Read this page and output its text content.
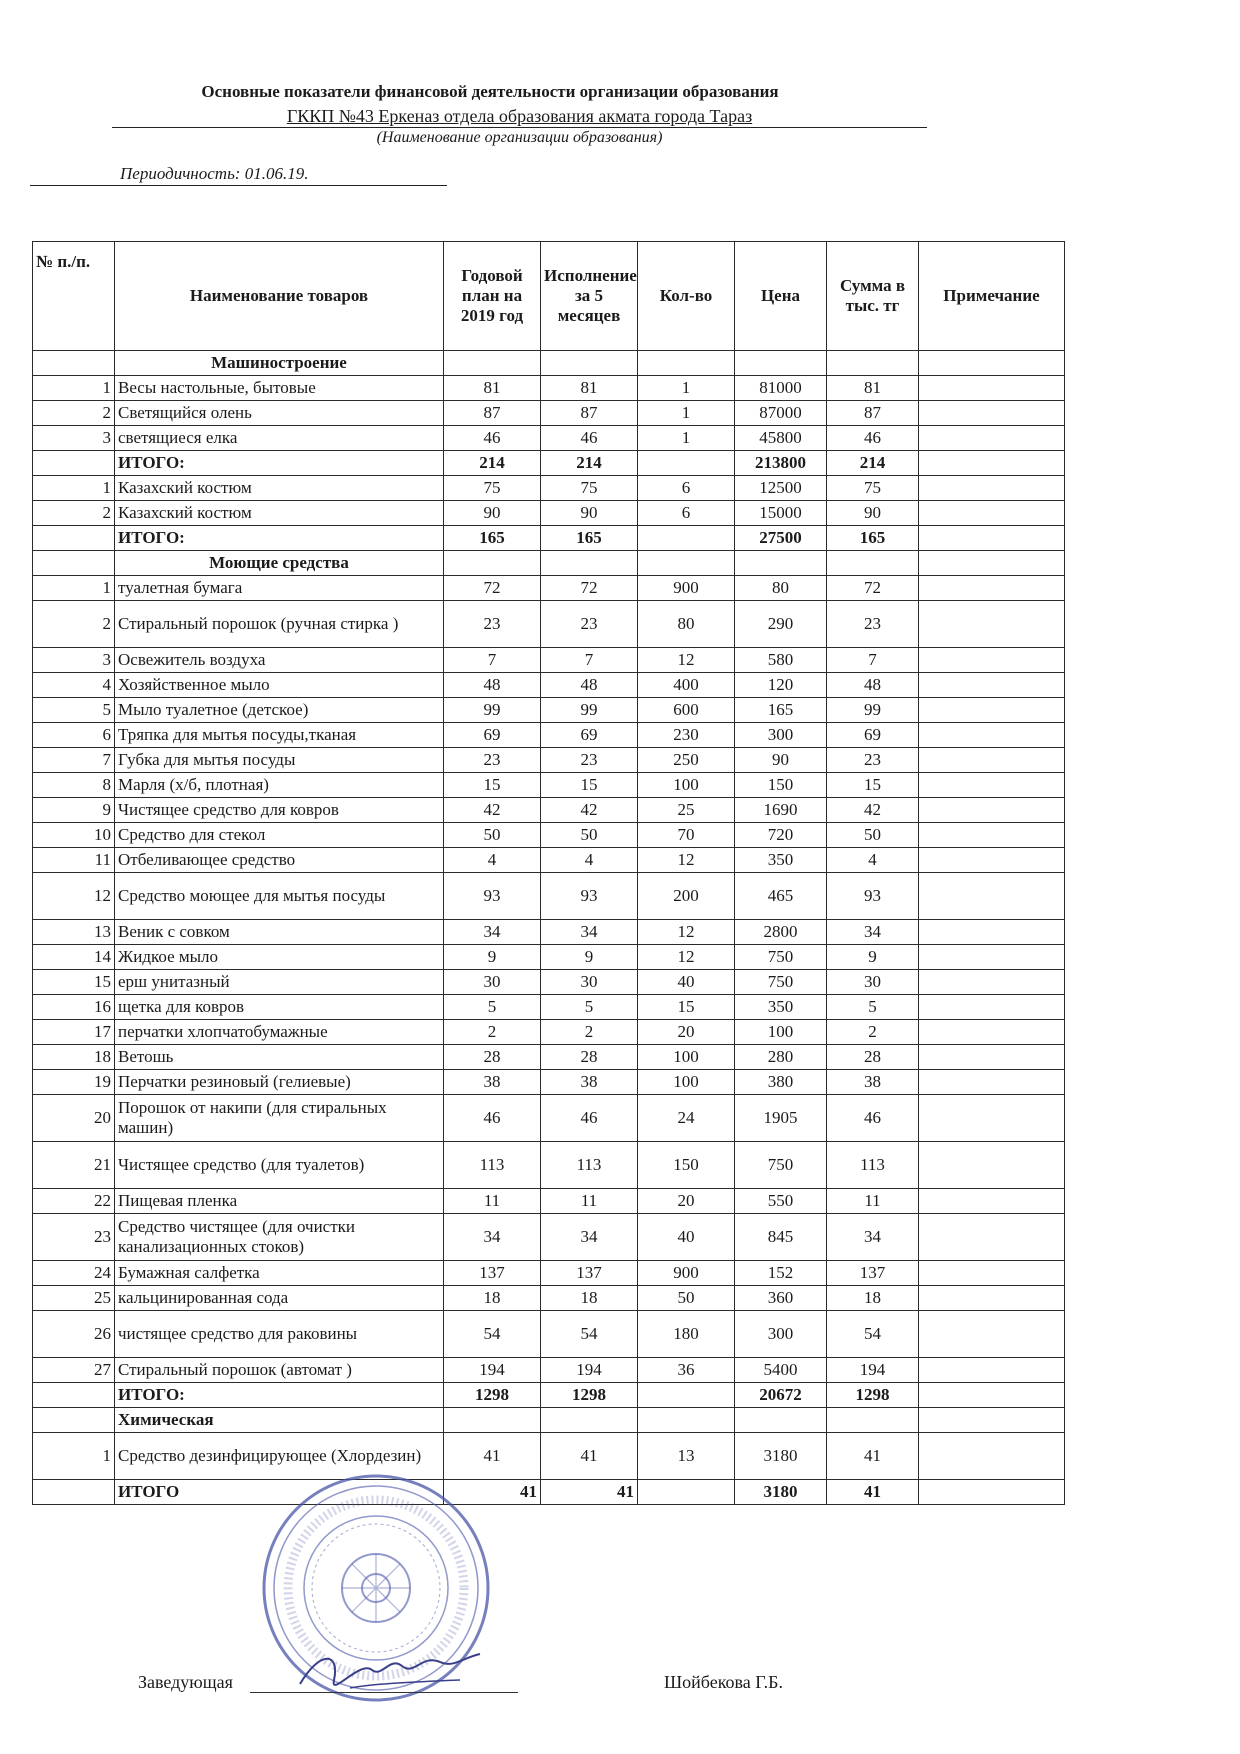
Основные показатели финансовой деятельности организации образования
ГККП №43 Еркеназ отдела образования акмата города Тараз
(Наименование организации образования)
Периодичность: 01.06.19.
№ п./п.	Наименование товаров	Годовой план на 2019 год	Исполнение за 5 месяцев	Кол-во	Цена	Сумма в тыс. тг	Примечание
	Машиностроение						
1	Весы настольные, бытовые	81	81	1	81000	81	
2	Светящийся олень	87	87	1	87000	87	
3	светящиеся елка	46	46	1	45800	46	
	ИТОГО:	214	214		213800	214	
1	Казахский костюм	75	75	6	12500	75	
2	Казахский костюм	90	90	6	15000	90	
	ИТОГО:	165	165		27500	165	
	Моющие средства						
1	туалетная бумага	72	72	900	80	72	
2	Стиральный порошок (ручная стирка )	23	23	80	290	23	
3	Освежитель воздуха	7	7	12	580	7	
4	Хозяйственное мыло	48	48	400	120	48	
5	Мыло туалетное (детское)	99	99	600	165	99	
6	Тряпка для мытья посуды,тканая	69	69	230	300	69	
7	Губка для мытья посуды	23	23	250	90	23	
8	Марля (х/б, плотная)	15	15	100	150	15	
9	Чистящее средство для ковров	42	42	25	1690	42	
10	Средство для стекол	50	50	70	720	50	
11	Отбеливающее средство	4	4	12	350	4	
12	Средство моющее для мытья посуды	93	93	200	465	93	
13	Веник с совком	34	34	12	2800	34	
14	Жидкое мыло	9	9	12	750	9	
15	ерш унитазный	30	30	40	750	30	
16	щетка для ковров	5	5	15	350	5	
17	перчатки хлопчатобумажные	2	2	20	100	2	
18	Ветошь	28	28	100	280	28	
19	Перчатки резиновый (гелиевые)	38	38	100	380	38	
20	Порошок от накипи (для стиральных машин)	46	46	24	1905	46	
21	Чистящее средство (для туалетов)	113	113	150	750	113	
22	Пищевая пленка	11	11	20	550	11	
23	Средство чистящее (для очистки канализационных стоков)	34	34	40	845	34	
24	Бумажная салфетка	137	137	900	152	137	
25	кальцинированная сода	18	18	50	360	18	
26	чистящее средство для раковины	54	54	180	300	54	
27	Стиральный порошок (автомат )	194	194	36	5400	194	
	ИТОГО:	1298	1298		20672	1298	
	Химическая						
1	Средство дезинфицирующее (Хлордезин)	41	41	13	3180	41	
	ИТОГО	41	41		3180	41	
Заведующая	Шойбекова Г.Б.
